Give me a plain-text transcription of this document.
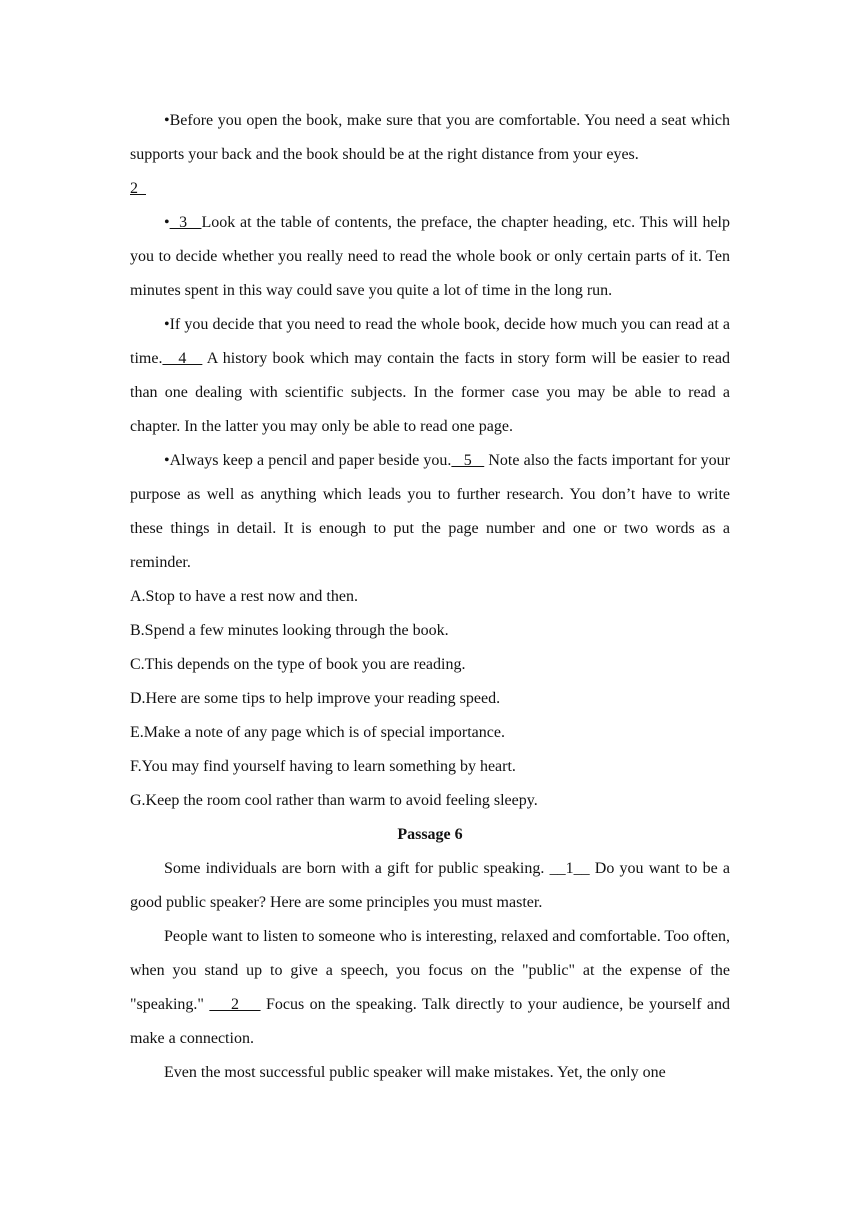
•Before you open the book, make sure that you are comfortable. You need a seat which supports your back and the book should be at the right distance from your eyes.

2

•  3   Look at the table of contents, the preface, the chapter heading, etc. This will help you to decide whether you really need to read the whole book or only certain parts of it. Ten minutes spent in this way could save you quite a lot of time in the long run.

•If you decide that you need to read the whole book, decide how much you can read at a time.   4    A history book which may contain the facts in story form will be easier to read than one dealing with scientific subjects. In the former case you may be able to read a chapter. In the latter you may only be able to read one page.

•Always keep a pencil and paper beside you.   5    Note also the facts important for your purpose as well as anything which leads you to further research. You don’t have to write these things in detail. It is enough to put the page number and one or two words as a reminder.

A.Stop to have a rest now and then.

B.Spend a few minutes looking through the book.

C.This depends on the type of book you are reading.

D.Here are some tips to help improve your reading speed.

E.Make a note of any page which is of special importance.

F.You may find yourself having to learn something by heart.

G.Keep the room cool rather than warm to avoid feeling sleepy.

Passage 6

Some individuals are born with a gift for public speaking. __1__ Do you want to be a good public speaker? Here are some principles you must master.

People want to listen to someone who is interesting, relaxed and comfortable. Too often, when you stand up to give a speech, you focus on the "public" at the expense of the "speaking."     2     Focus on the speaking. Talk directly to your audience, be yourself and make a connection.

Even the most successful public speaker will make mistakes. Yet, the only one
